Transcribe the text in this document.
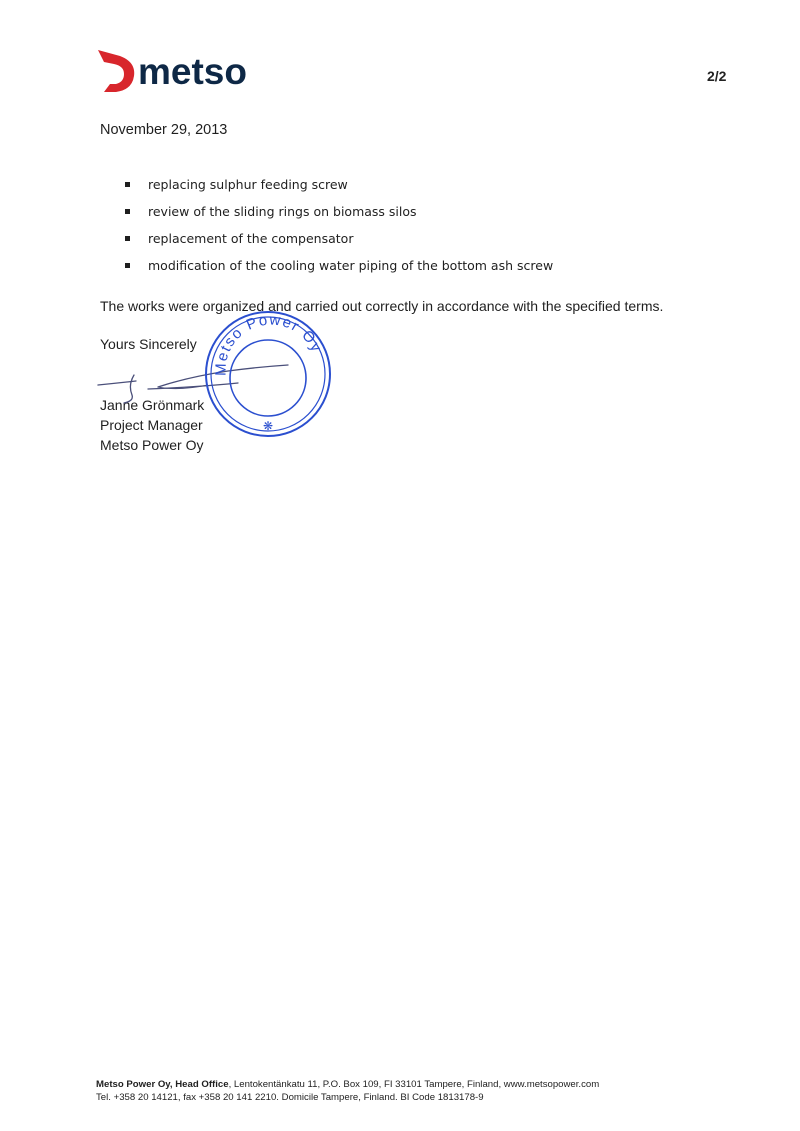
metso	2/2
November 29, 2013
replacing sulphur feeding screw
review of the sliding rings on biomass silos
replacement of the compensator
modification of the cooling water piping of the bottom ash screw
The works were organized and carried out correctly in accordance with the specified terms.
Yours Sincerely
Janne Grönmark
Project Manager
Metso Power Oy
Metso Power Oy
❋
Metso Power Oy, Head Office, Lentokentänkatu 11, P.O. Box 109, FI 33101 Tampere, Finland, www.metsopower.com
Tel. +358 20 14121, fax +358 20 141 2210. Domicile Tampere, Finland. BI Code 1813178-9
